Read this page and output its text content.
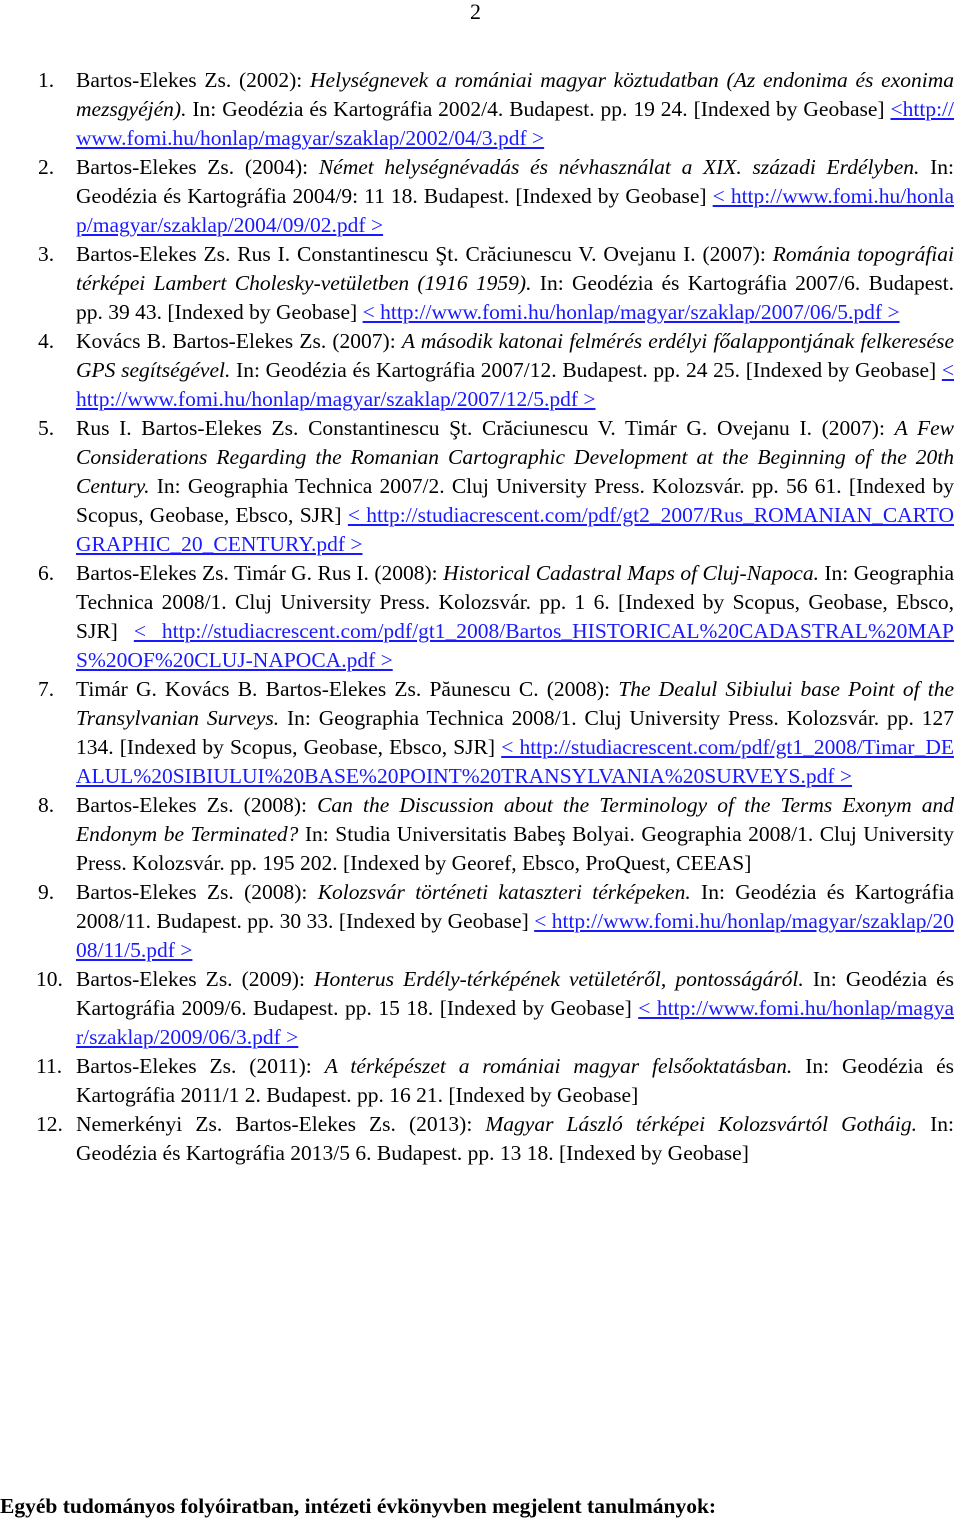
2
1. Bartos-Elekes Zs. (2002): Helységnevek a romániai magyar köztudatban (Az endonima és exonima mezsgyéjén). In: Geodézia és Kartográfia 2002/4. Budapest. pp. 19 24. [Indexed by Geobase] <http://www.fomi.hu/honlap/magyar/szaklap/2002/04/3.pdf >
2. Bartos-Elekes Zs. (2004): Német helységnévadás és névhasználat a XIX. századi Erdélyben. In: Geodézia és Kartográfia 2004/9: 11 18. Budapest. [Indexed by Geobase] < http://www.fomi.hu/honlap/magyar/szaklap/2004/09/02.pdf >
3. Bartos-Elekes Zs. Rus I. Constantinescu Şt. Crăciunescu V. Ovejanu I. (2007): Románia topográfiai térképei Lambert Cholesky-vetületben (1916 1959). In: Geodézia és Kartográfia 2007/6. Budapest. pp. 39 43. [Indexed by Geobase] < http://www.fomi.hu/honlap/magyar/szaklap/2007/06/5.pdf >
4. Kovács B. Bartos-Elekes Zs. (2007): A második katonai felmérés erdélyi főalappontjának felkeresése GPS segítségével. In: Geodézia és Kartográfia 2007/12. Budapest. pp. 24 25. [Indexed by Geobase] < http://www.fomi.hu/honlap/magyar/szaklap/2007/12/5.pdf >
5. Rus I. Bartos-Elekes Zs. Constantinescu Şt. Crăciunescu V. Timár G. Ovejanu I. (2007): A Few Considerations Regarding the Romanian Cartographic Development at the Beginning of the 20th Century. In: Geographia Technica 2007/2. Cluj University Press. Kolozsvár. pp. 56 61. [Indexed by Scopus, Geobase, Ebsco, SJR] < http://studiacrescent.com/pdf/gt2_2007/Rus_ROMANIAN_CARTOGRAPHIC_20_CENTURY.pdf >
6. Bartos-Elekes Zs. Timár G. Rus I. (2008): Historical Cadastral Maps of Cluj-Napoca. In: Geographia Technica 2008/1. Cluj University Press. Kolozsvár. pp. 1 6. [Indexed by Scopus, Geobase, Ebsco, SJR] < http://studiacrescent.com/pdf/gt1_2008/Bartos_HISTORICAL%20CADASTRAL%20MAPS%20OF%20CLUJ-NAPOCA.pdf >
7. Timár G. Kovács B. Bartos-Elekes Zs. Păunescu C. (2008): The Dealul Sibiului base Point of the Transylvanian Surveys. In: Geographia Technica 2008/1. Cluj University Press. Kolozsvár. pp. 127 134. [Indexed by Scopus, Geobase, Ebsco, SJR] < http://studiacrescent.com/pdf/gt1_2008/Timar_DEALUL%20SIBIULUI%20BASE%20POINT%20TRANSYLVANIA%20SURVEYS.pdf >
8. Bartos-Elekes Zs. (2008): Can the Discussion about the Terminology of the Terms Exonym and Endonym be Terminated? In: Studia Universitatis Babeş Bolyai. Geographia 2008/1. Cluj University Press. Kolozsvár. pp. 195 202. [Indexed by Georef, Ebsco, ProQuest, CEEAS]
9. Bartos-Elekes Zs. (2008): Kolozsvár történeti kataszteri térképeken. In: Geodézia és Kartográfia 2008/11. Budapest. pp. 30 33. [Indexed by Geobase] < http://www.fomi.hu/honlap/magyar/szaklap/2008/11/5.pdf >
10. Bartos-Elekes Zs. (2009): Honterus Erdély-térképének vetületéről, pontosságáról. In: Geodézia és Kartográfia 2009/6. Budapest. pp. 15 18. [Indexed by Geobase] < http://www.fomi.hu/honlap/magyar/szaklap/2009/06/3.pdf >
11. Bartos-Elekes Zs. (2011): A térképészet a romániai magyar felsőoktatásban. In: Geodézia és Kartográfia 2011/1 2. Budapest. pp. 16 21. [Indexed by Geobase]
12. Nemerkényi Zs. Bartos-Elekes Zs. (2013): Magyar László térképei Kolozsvártól Gotháig. In: Geodézia és Kartográfia 2013/5 6. Budapest. pp. 13 18. [Indexed by Geobase]

Egyéb tudományos folyóiratban, intézeti évkönyvben megjelent tanulmányok:
